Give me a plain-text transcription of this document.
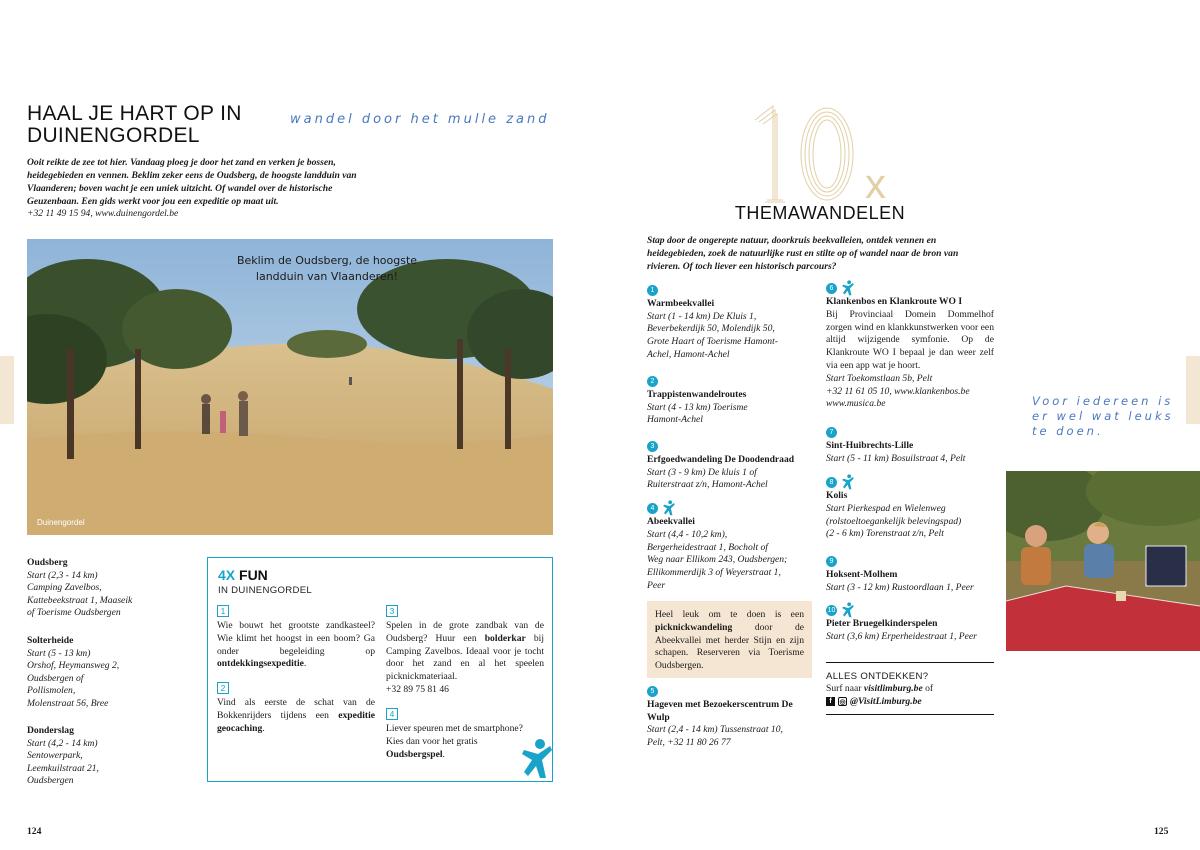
HAAL JE HART OP IN DUINENGORDEL
wandel door het mulle zand

Ooit reikte de zee tot hier. Vandaag ploeg je door het zand en verken je bossen, heidegebieden en vennen. Beklim zeker eens de Oudsberg, de hoogste landduin van Vlaanderen; boven wacht je een uniek uitzicht. Of wandel over de historische Geuzenbaan. Een gids werkt voor jou een expeditie op maat uit.

+32 11 49 15 94, www.duinengordel.be

Beklim de Oudsberg, de hoogste landduin van Vlaanderen!
Duinengordel
Oudsberg
Start (2,3 - 14 km)
Camping Zavelbos,
Kattebeekstraat 1, Maaseik
of Toerisme Oudsbergen
Solterheide
Start (5 - 13 km)
Orshof, Heymansweg 2,
Oudsbergen of
Pollismolen,
Molenstraat 56, Bree
Donderslag
Start (4,2 - 14 km)
Sentowerpark,
Leemkuilstraat 21,
Oudsbergen
4X FUN
IN DUINENGORDEL
1
Wie bouwt het grootste zandkasteel? Wie klimt het hoogst in een boom? Ga onder begeleiding op ontdekkingsexpeditie.
2
Vind als eerste de schat van de Bokkenrijders tijdens een expeditie geocaching.
3
Spelen in de grote zandbak van de Oudsberg? Huur een bolderkar bij Camping Zavelbos. Ideaal voor je tocht door het zand en al het speelen picknickmateriaal.
+32 89 75 81 46
4
Liever speuren met de smartphone? Kies dan voor het gratis Oudsbergspel.
124
10
x
THEMAWANDELEN

Stap door de ongerepte natuur, doorkruis beekvalleien, ontdek vennen en heidegebieden, zoek de natuurlijke rust en stilte op of wandel naar de bron van rivieren. Of toch liever een historisch parcours?

1
Warmbeekvallei
Start (1 - 14 km) De Kluis 1,
Beverbekerdijk 50, Molendijk 50,
Grote Haart of Toerisme Hamont-
Achel, Hamont-Achel
2
Trappistenwandelroutes
Start (4 - 13 km) Toerisme
Hamont-Achel
3
Erfgoedwandeling De Doodendraad
Start (3 - 9 km) De kluis 1 of
Ruiterstraat z/n, Hamont-Achel
4
Abeekvallei
Start (4,4 - 10,2 km),
Bergerheidestraat 1, Bocholt of
Weg naar Ellikom 243, Oudsbergen;
Ellikommerdijk 3 of Weyerstraat 1,
Peer
Heel leuk om te doen is een picknickwandeling door de Abeekvallei met herder Stijn en zijn schapen. Reserveren via Toerisme Oudsbergen.
5
Hageven met Bezoekerscentrum De Wulp
Start (2,4 - 14 km) Tussenstraat 10,
Pelt, +32 11 80 26 77
6
Klankenbos en Klankroute WO I
Bij Provinciaal Domein Dommelhof zorgen wind en klankkunstwerken voor een altijd wijzigende symfonie. Op de Klankroute WO I bepaal je dan weer zelf via een app wat je hoort.
Start Toekomstlaan 5b, Pelt
+32 11 61 05 10, www.klankenbos.be
www.musica.be
7
Sint-Huibrechts-Lille
Start (5 - 11 km) Bosuilstraat 4, Pelt
8
Kolis
Start Pierkespad en Wielenweg
(rolstoeltoegankelijk belevingspad)
(2 - 6 km) Torenstraat z/n, Pelt
9
Hoksent-Molhem
Start (3 - 12 km) Rustoordlaan 1, Peer
10
Pieter Bruegelkinderspelen
Start (3,6 km) Erperheidestraat 1, Peer
ALLES ONTDEKKEN?
Surf naar visitlimburg.be of
f	◎ @VisitLimburg.be
Voor iedereen is er wel wat leuks te doen.
125
